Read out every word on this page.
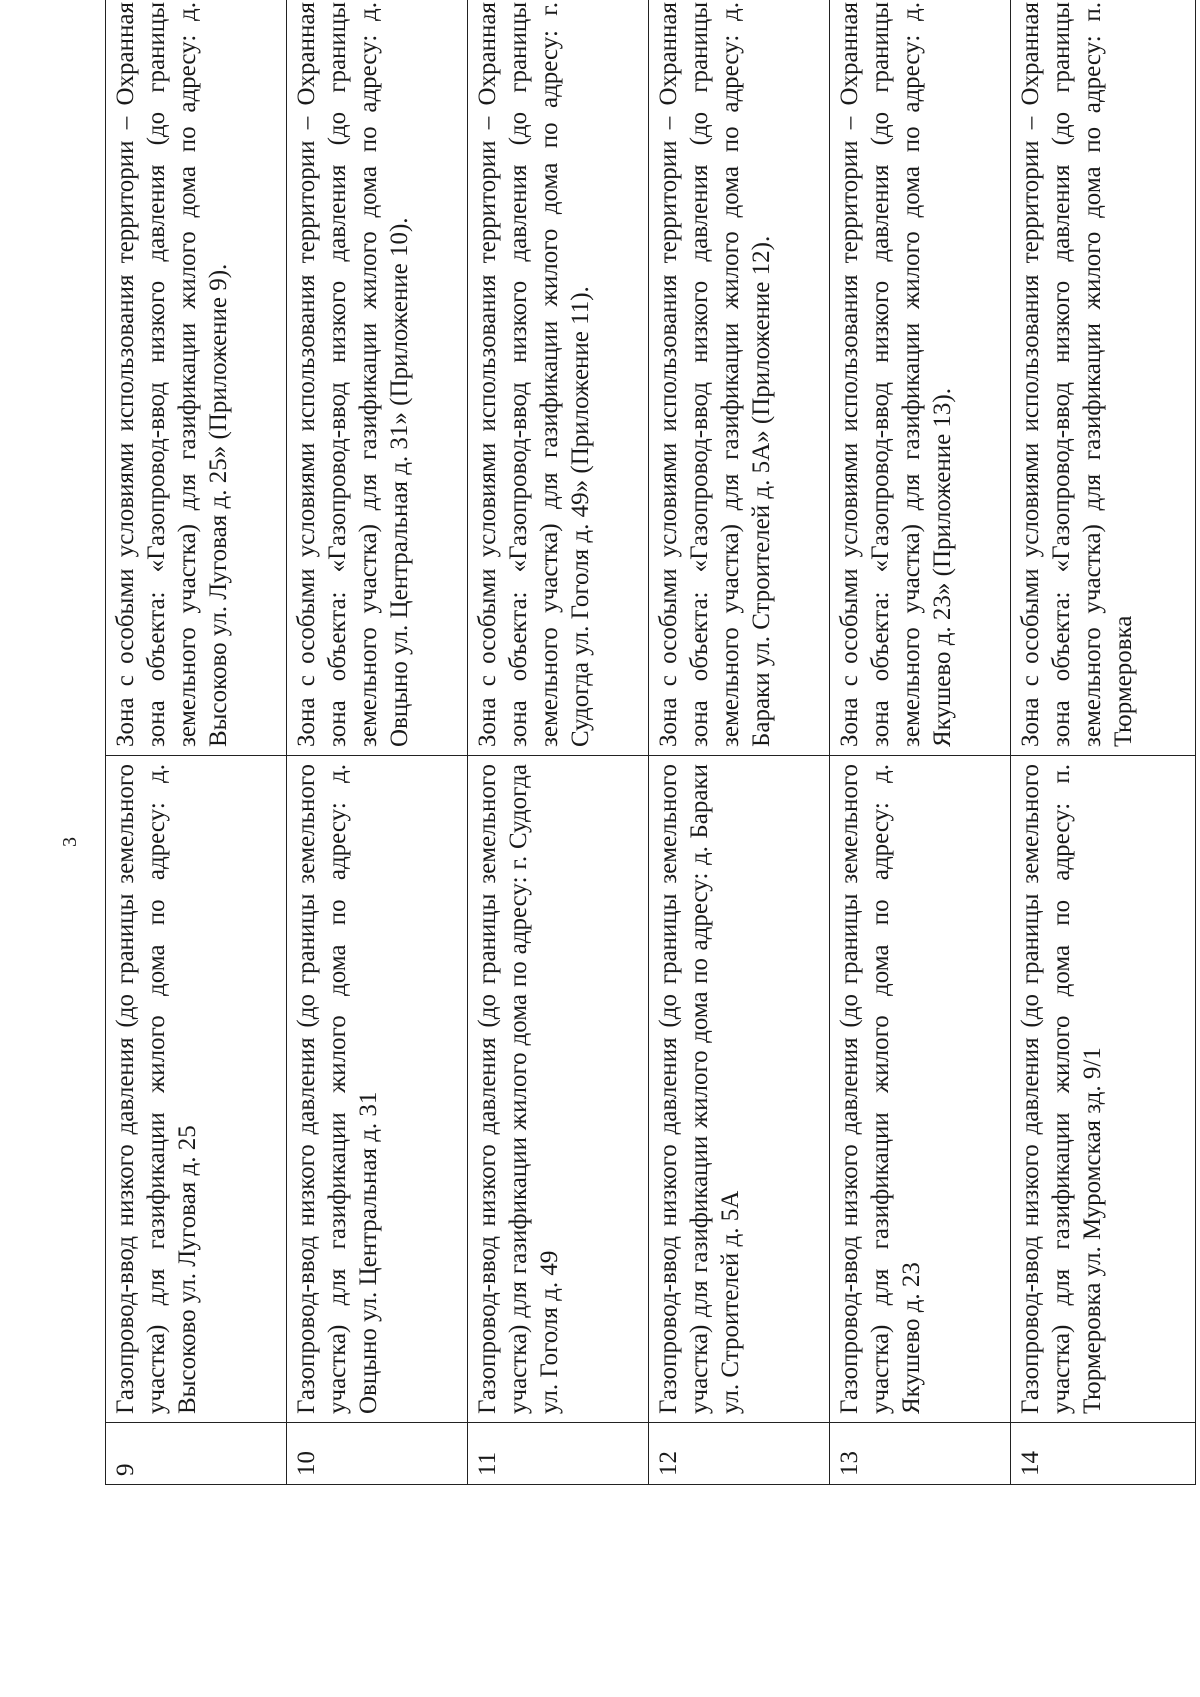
3
9	Газопровод-ввод низкого давления (до границы земельного участка) для газификации жилого дома по адресу: д. Высоково ул. Луговая д. 25	Зона с особыми условиями использования территории – Охранная зона объекта: «Газопровод-ввод низкого давления (до границы земельного участка) для газификации жилого дома по адресу: д. Высоково ул. Луговая д. 25» (Приложение 9).
10	Газопровод-ввод низкого давления (до границы земельного участка) для газификации жилого дома по адресу: д. Овцыно ул. Центральная д. 31	Зона с особыми условиями использования территории – Охранная зона объекта: «Газопровод-ввод низкого давления (до границы земельного участка) для газификации жилого дома по адресу: д. Овцыно ул. Центральная д. 31» (Приложение 10).
11	Газопровод-ввод низкого давления (до границы земельного участка) для газификации жилого дома по адресу: г. Судогда ул. Гоголя д. 49	Зона с особыми условиями использования территории – Охранная зона объекта: «Газопровод-ввод низкого давления (до границы земельного участка) для газификации жилого дома по адресу: г. Судогда ул. Гоголя д. 49» (Приложение 11).
12	Газопровод-ввод низкого давления (до границы земельного участка) для газификации жилого дома по адресу: д. Бараки ул. Строителей д. 5А	Зона с особыми условиями использования территории – Охранная зона объекта: «Газопровод-ввод низкого давления (до границы земельного участка) для газификации жилого дома по адресу: д. Бараки ул. Строителей д. 5А» (Приложение 12).
13	Газопровод-ввод низкого давления (до границы земельного участка) для газификации жилого дома по адресу: д. Якушево д. 23	Зона с особыми условиями использования территории – Охранная зона объекта: «Газопровод-ввод низкого давления (до границы земельного участка) для газификации жилого дома по адресу: д. Якушево д. 23» (Приложение 13).
14	Газопровод-ввод низкого давления (до границы земельного участка) для газификации жилого дома по адресу: п. Тюрмеровка ул. Муромская зд. 9/1	Зона с особыми условиями использования территории – Охранная зона объекта: «Газопровод-ввод низкого давления (до границы земельного участка) для газификации жилого дома по адресу: п. Тюрмеровка
